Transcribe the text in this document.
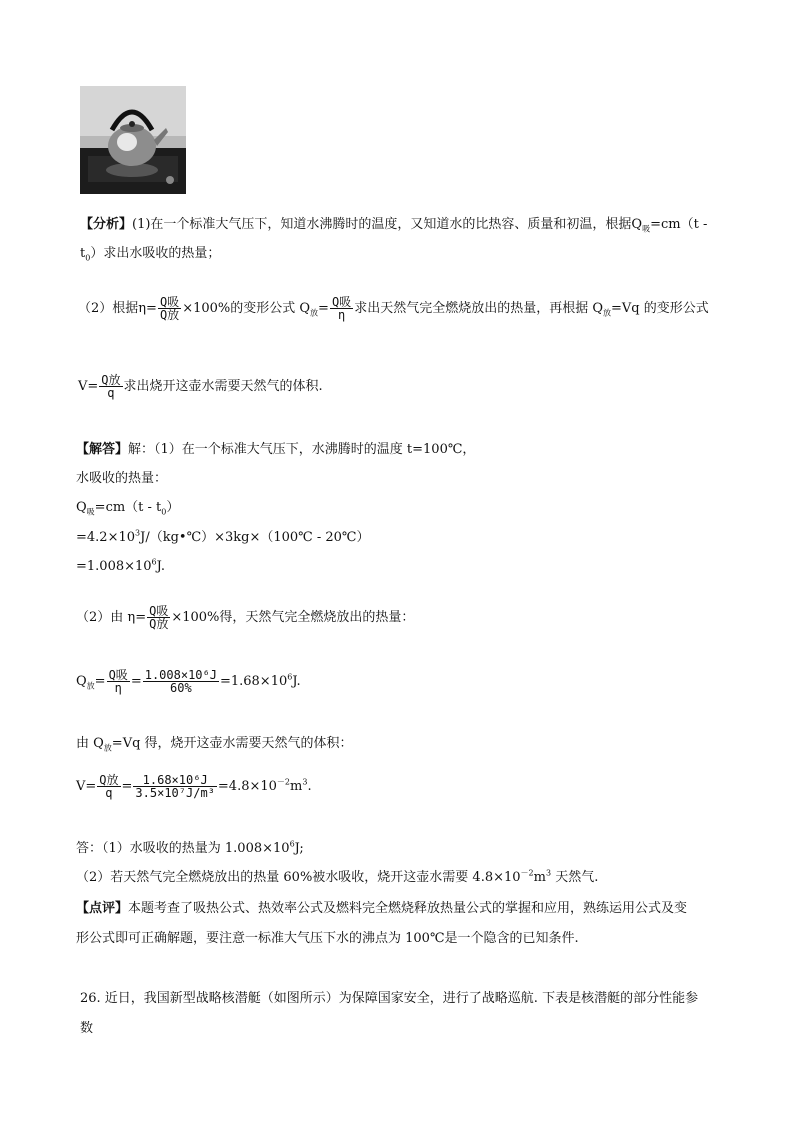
【分析】(1)在一个标准大气压下，知道水沸腾时的温度，又知道水的比热容、质量和初温，根据$Q_吸=cm(t$ -
$t_0$）求出水吸收的热量；
（2）根据$\eta= \frac{\text{Q吸}}{\text{Q放}} \times 100\%$的变形公式 $Q_放= \frac{\text{Q吸}}{\eta}$ 求出天然气完全燃烧放出的热量，再根据 $Q_放=Vq$ 的变形公式
$V= \frac{\text{Q放}}{q}$ 求出烧开这壶水需要天然气的体积.
【解答】解：（1）在一个标准大气压下，水沸腾时的温度 t=100℃，
水吸收的热量：
$Q_吸=cm(t - t_0)$
$=4.2\times 10^3J/(kg•℃)\times 3kg\times(100℃$ - 20℃）
$=1.008\times 10^6J$.
（2）由 $\eta= \frac{\text{Q吸}}{\text{Q放}} \times 100\%$得，天然气完全燃烧放出的热量：
$Q_放= \frac{\text{Q吸}}{\eta} = \frac{\text{1.008×10⁶J}}{60\%} =1.68\times 10^6J$.
由 $Q_放=Vq$ 得，烧开这壶水需要天然气的体积：
$V= \frac{\text{Q放}}{q} = \frac{\text{1.68×10⁶J}}{\text{3.5×10⁷J/m³}} =4.8\times 10^{-2}m^3$.
答：（1）水吸收的热量为 $1.008\times 10^6J$;
（2）若天然气完全燃烧放出的热量 60%被水吸收，烧开这壶水需要 $4.8\times 10^{-2}m^3$ 天然气.
【点评】本题考查了吸热公式、热效率公式及燃料完全燃烧释放热量公式的掌握和应用，熟练运用公式及变
形公式即可正确解题，要注意一标准大气压下水的沸点为 100℃是一个隐含的已知条件.
26. 近日，我国新型战略核潜艇（如图所示）为保障国家安全，进行了战略巡航. 下表是核潜艇的部分性能参
数
